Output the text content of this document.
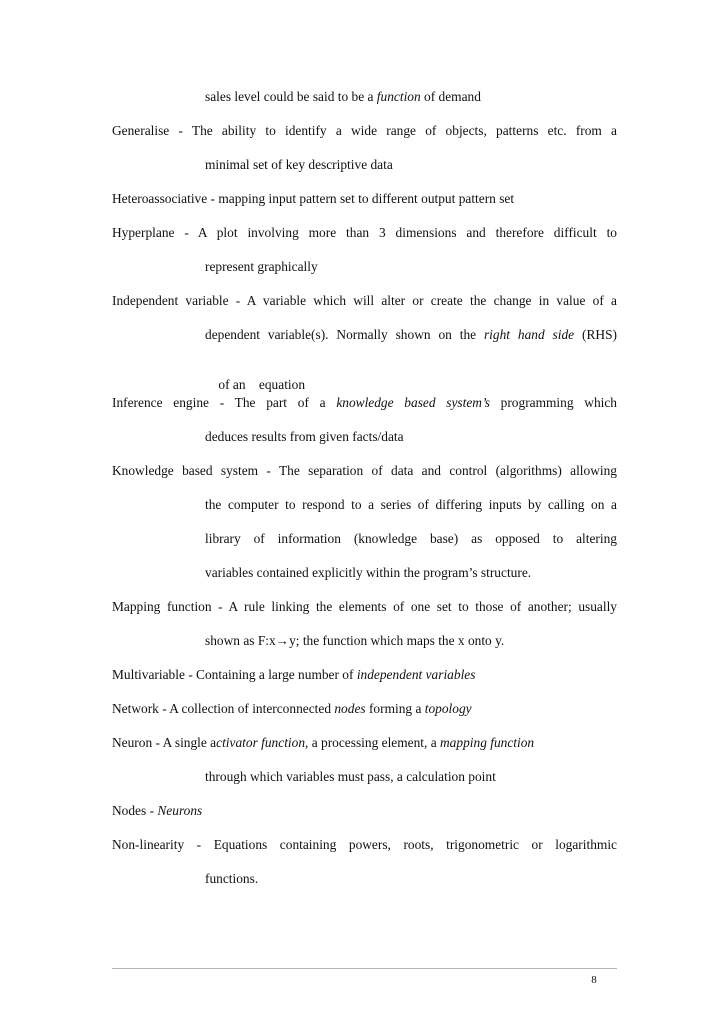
sales level could be said to be a function of demand
Generalise - The ability to identify a wide range of objects, patterns etc. from a
minimal set of key descriptive data
Heteroassociative - mapping input pattern set to different output pattern set
Hyperplane - A plot involving more than 3 dimensions and therefore difficult to
represent graphically
Independent variable - A variable which will alter or create the change in value of a
dependent variable(s). Normally shown on the right hand side (RHS)

of an    equation

Inference engine - The part of a knowledge based system’s programming which
deduces results from given facts/data
Knowledge based system - The separation of data and control (algorithms) allowing
the computer to respond to a series of differing inputs by calling on a
library of information (knowledge base) as opposed to altering
variables contained explicitly within the program’s structure.
Mapping function - A rule linking the elements of one set to those of another; usually
shown as F:x→y; the function which maps the x onto y.
Multivariable - Containing a large number of independent variables
Network - A collection of interconnected nodes forming a topology
Neuron - A single activator function, a processing element, a mapping function
through which variables must pass, a calculation point
Nodes - Neurons
Non-linearity - Equations containing powers, roots, trigonometric or logarithmic
functions.
8
